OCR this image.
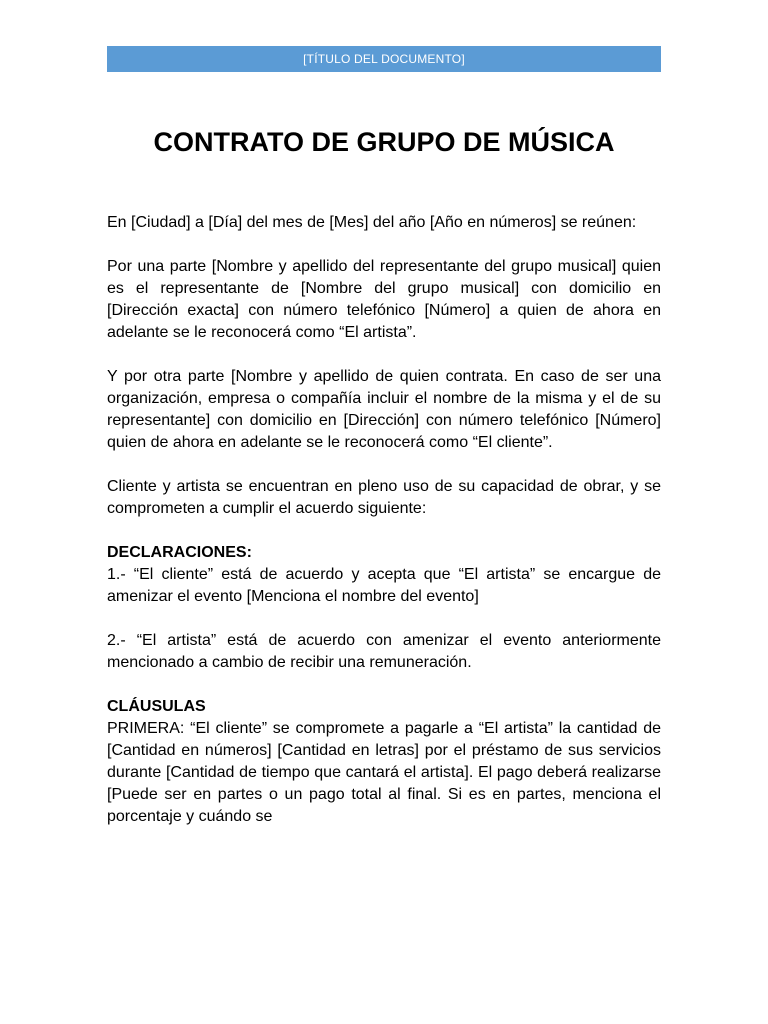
[TÍTULO DEL DOCUMENTO]
CONTRATO DE GRUPO DE MÚSICA

En [Ciudad] a [Día] del mes de [Mes] del año [Año en números] se reúnen:

Por una parte [Nombre y apellido del representante del grupo musical] quien es el representante de [Nombre del grupo musical] con domicilio en [Dirección exacta] con número telefónico [Número] a quien de ahora en adelante se le reconocerá como “El artista”.

Y por otra parte [Nombre y apellido de quien contrata. En caso de ser una organización, empresa o compañía incluir el nombre de la misma y el de su representante] con domicilio en [Dirección] con número telefónico [Número] quien de ahora en adelante se le reconocerá como “El cliente”.

Cliente y artista se encuentran en pleno uso de su capacidad de obrar, y se comprometen a cumplir el acuerdo siguiente:

DECLARACIONES:

1.- “El cliente” está de acuerdo y acepta que “El artista” se encargue de amenizar el evento [Menciona el nombre del evento]

2.- “El artista” está de acuerdo con amenizar el evento anteriormente mencionado a cambio de recibir una remuneración.

CLÁUSULAS

PRIMERA: “El cliente” se compromete a pagarle a “El artista” la cantidad de [Cantidad en números] [Cantidad en letras] por el préstamo de sus servicios durante [Cantidad de tiempo que cantará el artista]. El pago deberá realizarse [Puede ser en partes o un pago total al final. Si es en partes, menciona el porcentaje y cuándo se
